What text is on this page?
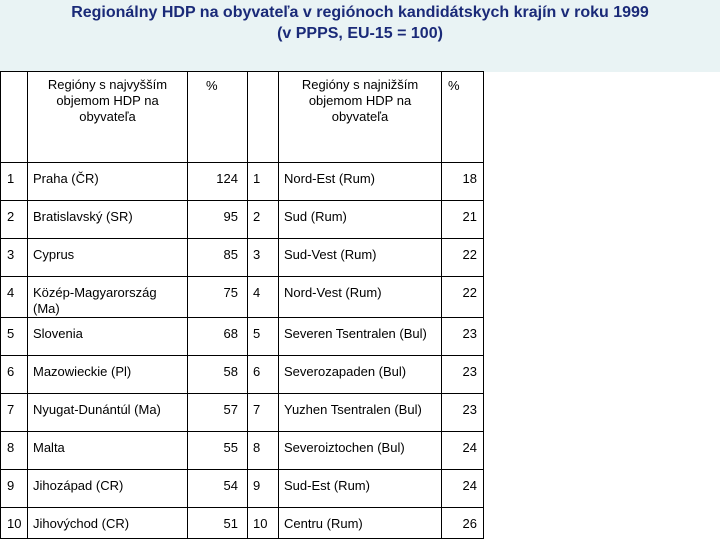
Regionálny HDP na obyvateľa v regiónoch kandidátskych krajín v roku 1999
(v PPPS, EU-15 = 100)

	Regióny s najvyšším objemom HDP na obyvateľa	%		Regióny s najnižším objemom HDP na obyvateľa	%

1	Praha (ČR)	124	1	Nord-Est (Rum)	18

2	Bratislavský (SR)	95	2	Sud (Rum)	21

3	Cyprus	85	3	Sud-Vest (Rum)	22

4	Közép-Magyarország (Ma)	75	4	Nord-Vest (Rum)	22

5	Slovenia	68	5	Severen Tsentralen (Bul)	23

6	Mazowieckie (Pl)	58	6	Severozapaden (Bul)	23

7	Nyugat-Dunántúl (Ma)	57	7	Yuzhen Tsentralen (Bul)	23

8	Malta	55	8	Severoiztochen (Bul)	24

9	Jihozápad (CR)	54	9	Sud-Est (Rum)	24

10	Jihovýchod (CR)	51	10	Centru (Rum)	26
